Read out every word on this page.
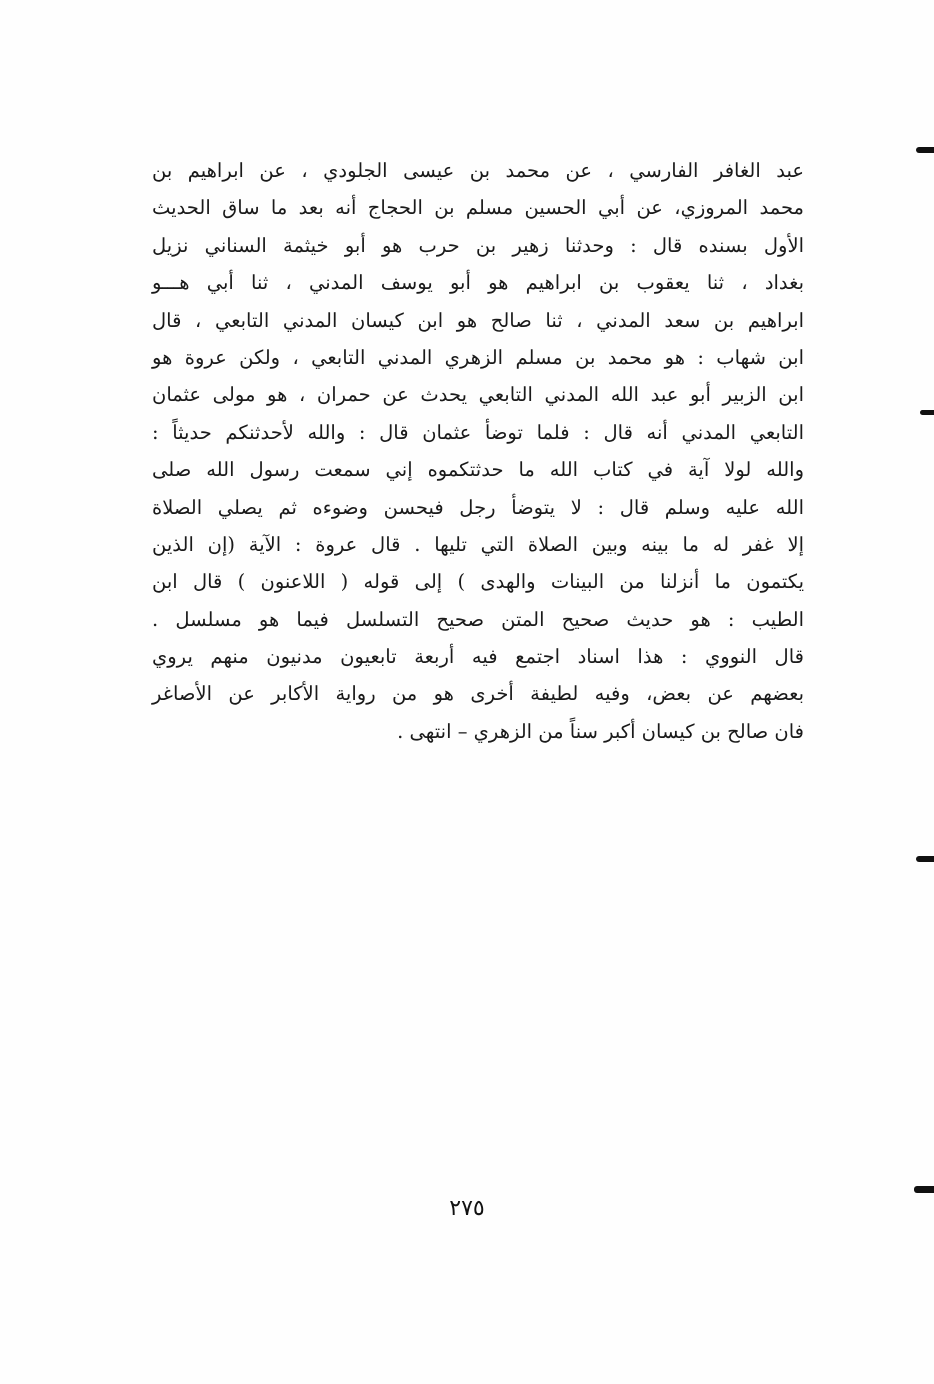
عبد الغافر الفارسي ، عن محمد بن عيسى الجلودي ، عن ابراهيم بن
محمد المروزي، عن أبي الحسين مسلم بن الحجاج أنه بعد ما ساق الحديث
الأول بسنده قال : وحدثنا زهير بن حرب هو أبو خيثمة السناني نزيل
بغداد ، ثنا يعقوب بن ابراهيم هو أبو يوسف المدني ، ثنا أبي هـــو
ابراهيم بن سعد المدني ، ثنا صالح هو ابن كيسان المدني التابعي ، قال
ابن شهاب : هو محمد بن مسلم الزهري المدني التابعي ، ولكن عروة هو
ابن الزبير أبو عبد الله المدني التابعي يحدث عن حمران ، هو مولى عثمان
التابعي المدني أنه قال : فلما توضأ عثمان قال : والله لأحدثنكم حديثاً :
والله لولا آية في كتاب الله ما حدثتكموه إني سمعت رسول الله صلى
الله عليه وسلم قال : لا يتوضأ رجل فيحسن وضوءه ثم يصلي الصلاة
إلا غفر له ما بينه وبين الصلاة التي تليها . قال عروة : الآية (إن الذين
يكتمون ما أنزلنا من البينات والهدى ) إلى قوله ( اللاعنون ) قال ابن
الطيب : هو حديث صحيح المتن صحيح التسلسل فيما هو مسلسل .
قال النووي : هذا اسناد اجتمع فيه أربعة تابعيون مدنيون منهم يروي
بعضهم عن بعض، وفيه لطيفة أخرى هو من رواية الأكابر عن الأصاغر
فان صالح بن كيسان أكبر سناً من الزهري – انتهى .
٢٧٥
